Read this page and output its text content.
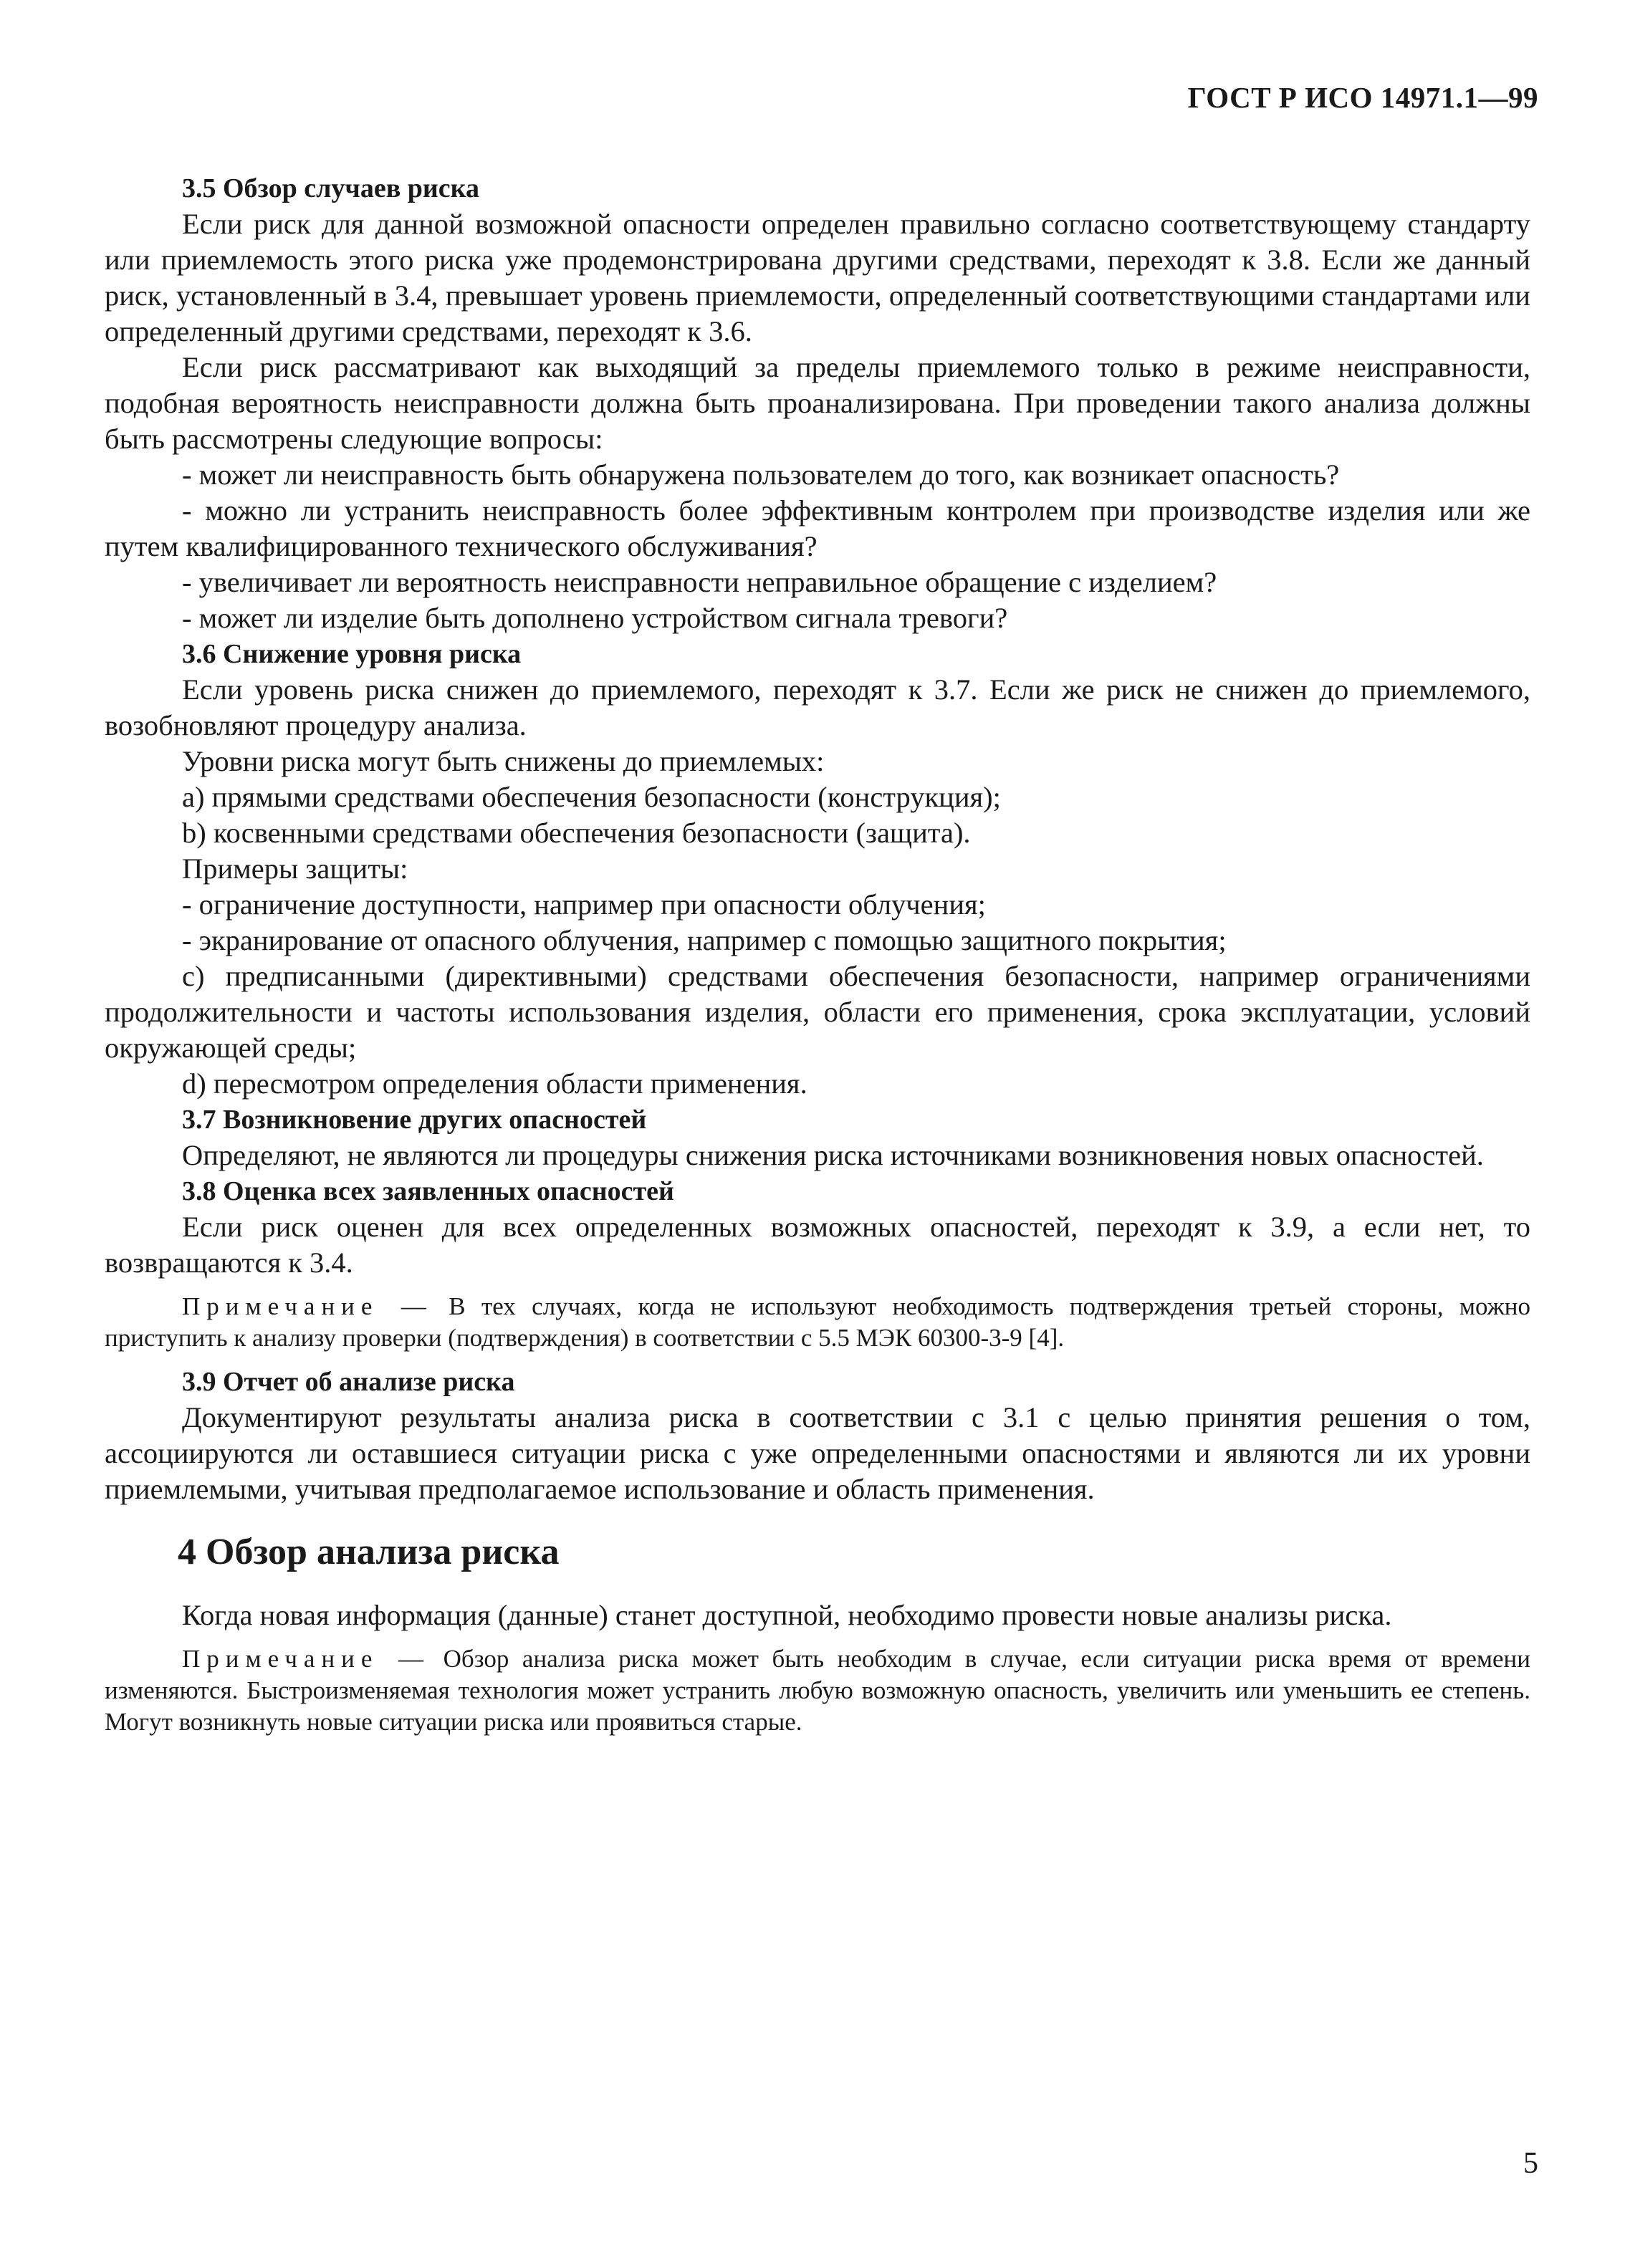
ГОСТ Р ИСО 14971.1—99

3.5 Обзор случаев риска

Если риск для данной возможной опасности определен правильно согласно соответствующему стандарту или приемлемость этого риска уже продемонстрирована другими средствами, переходят к 3.8. Если же данный риск, установленный в 3.4, превышает уровень приемлемости, определенный соответствующими стандартами или определенный другими средствами, переходят к 3.6.

Если риск рассматривают как выходящий за пределы приемлемого только в режиме неисправности, подобная вероятность неисправности должна быть проанализирована. При проведении такого анализа должны быть рассмотрены следующие вопросы:

- может ли неисправность быть обнаружена пользователем до того, как возникает опасность?

- можно ли устранить неисправность более эффективным контролем при производстве изделия или же путем квалифицированного технического обслуживания?

- увеличивает ли вероятность неисправности неправильное обращение с изделием?

- может ли изделие быть дополнено устройством сигнала тревоги?

3.6 Снижение уровня риска

Если уровень риска снижен до приемлемого, переходят к 3.7. Если же риск не снижен до приемлемого, возобновляют процедуру анализа.

Уровни риска могут быть снижены до приемлемых:

а) прямыми средствами обеспечения безопасности (конструкция);

b) косвенными средствами обеспечения безопасности (защита).

Примеры защиты:

- ограничение доступности, например при опасности облучения;

- экранирование от опасного облучения, например с помощью защитного покрытия;

с) предписанными (директивными) средствами обеспечения безопасности, например ограничениями продолжительности и частоты использования изделия, области его применения, срока эксплуатации, условий окружающей среды;

d) пересмотром определения области применения.

3.7 Возникновение других опасностей

Определяют, не являются ли процедуры снижения риска источниками возникновения новых опасностей.

3.8 Оценка всех заявленных опасностей

Если риск оценен для всех определенных возможных опасностей, переходят к 3.9, а если нет, то возвращаются к 3.4.

Примечание — В тех случаях, когда не используют необходимость подтверждения третьей стороны, можно приступить к анализу проверки (подтверждения) в соответствии с 5.5 МЭК 60300-3-9 [4].

3.9 Отчет об анализе риска

Документируют результаты анализа риска в соответствии с 3.1 с целью принятия решения о том, ассоциируются ли оставшиеся ситуации риска с уже определенными опасностями и являются ли их уровни приемлемыми, учитывая предполагаемое использование и область применения.

4 Обзор анализа риска

Когда новая информация (данные) станет доступной, необходимо провести новые анализы риска.

Примечание — Обзор анализа риска может быть необходим в случае, если ситуации риска время от времени изменяются. Быстроизменяемая технология может устранить любую возможную опасность, увеличить или уменьшить ее степень. Могут возникнуть новые ситуации риска или проявиться старые.

5
